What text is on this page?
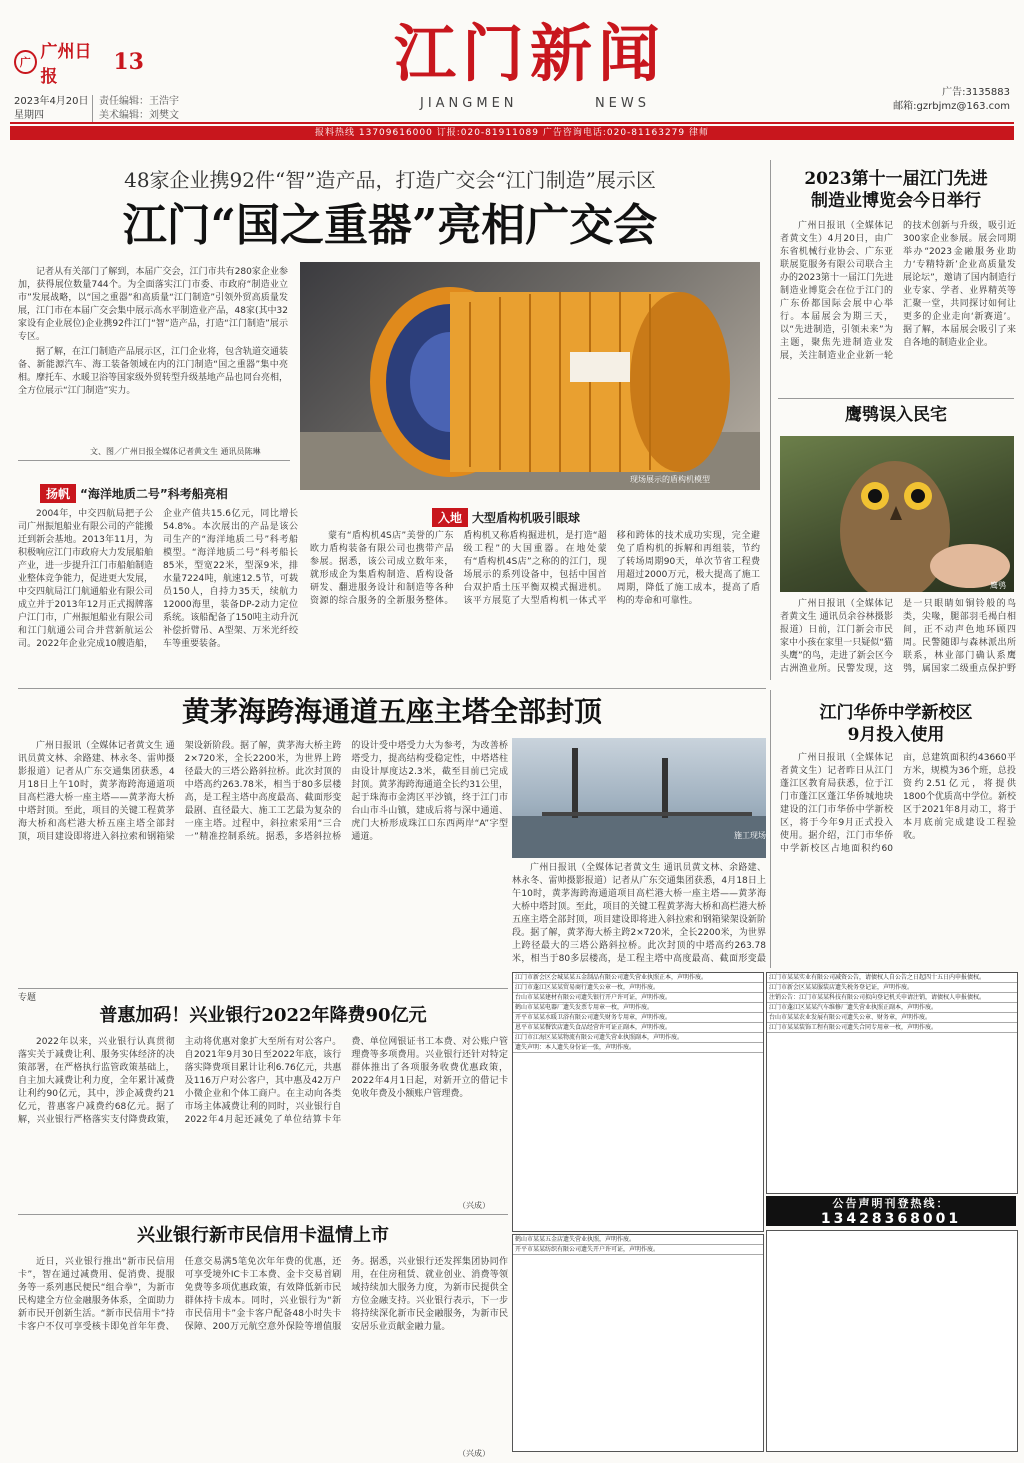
广
广州日报
13	江门新闻
JIANGMEN	NEWS
2023年4月20日
星期四
责任编辑：王浩宇
美术编辑：刘樊文
广告:3135883
邮箱:gzrbjmz@163.com
报料热线 13709616000 订报:020-81911089 广告咨询电话:020-81163279 律师
48家企业携92件“智”造产品，打造广交会“江门制造”展示区
江门“国之重器”亮相广交会

记者从有关部门了解到，本届广交会，江门市共有280家企业参加，获得展位数量744个。为全面落实江门市委、市政府“制造业立市”发展战略，以“国之重器”和高质量“江门制造”引领外贸高质量发展，江门市在本届广交会集中展示高水平制造业产品，48家(其中32家设有企业展位)企业携92件江门“智”造产品，打造“江门制造”展示专区。

据了解，在江门制造产品展示区，江门企业将，包含轨道交通装备、新能源汽车、海工装备领域在内的江门制造“国之重器”集中亮相。摩托车、水暖卫浴等国家级外贸转型升级基地产品也同台亮相，全方位展示“江门制造”实力。

文、图／广州日报全媒体记者黄文生 通讯员陈琳
现场展示的盾构机模型
扬帆 “海洋地质二号”科考船亮相

2004年，中交四航局把子公司广州振旭船业有限公司的产能搬迁到新会基地。2013年11月，为积极响应江门市政府大力发展船舶产业，进一步提升江门市船舶制造业整体竞争能力，促进更大发展，中交四航局江门航通船业有限公司成立并于2013年12月正式揭牌落户江门市，广州振旭船业有限公司和江门航通公司合并营新航运公司。2022年企业完成10艘造船，企业产值共15.6亿元，同比增长54.8%。本次展出的产品是该公司生产的“海洋地质二号”科考船模型。“海洋地质二号”科考船长85米，型宽22米，型深9米，排水量7224吨，航速12.5节，可载员150人，自持力35天，续航力12000海里，装备DP-2动力定位系统。该船配备了150吨主动升沉补偿折臂吊、A型架、万米光纤绞车等重要装备。

入地 大型盾构机吸引眼球

蒙有“盾构机4S店”美誉的广东欧力盾构装备有限公司也携带产品参展。据悉，该公司成立数年来，就形成企为集盾构制造、盾构设备研发、翻进服务设计和制造等各种资源的综合服务的全新服务整体。盾构机又称盾构掘进机，是打造“超级工程”的大国重器。在地处蒙有“盾构机4S店”之称的的江门，现场展示的系列设备中，包括中国首台双护盾土压平衡双模式掘进机。该平方展览了大型盾构机一体式平移和跨体的技术成功实现，完全避免了盾构机的拆解和再组装，节约了转场周期90天，单次节省工程费用超过2000万元，极大提高了施工周期，降低了施工成本，提高了盾构的寿命和可靠性。

2023第十一届江门先进
制造业博览会今日举行

广州日报讯（全媒体记者黄文生）4月20日，由广东省机械行业协会、广东亚联展览服务有限公司联合主办的2023第十一届江门先进制造业博览会在位于江门的广东侨都国际会展中心举行。本届展会为期三天，以“先进制造，引领未来”为主题，聚焦先进制造业发展，关注制造业企业新一轮的技术创新与升级，吸引近300家企业参展。展会同期举办“2023金融服务业助力‘专精特新’企业高质量发展论坛”，邀请了国内制造行业专家、学者、业界精英等汇聚一堂，共同探讨如何让更多的企业走向‘新赛道’。据了解，本届展会吸引了来自各地的制造业企业。

鹰鸮误入民宅
鹰鸮

广州日报讯（全媒体记者黄文生 通讯员余谷林摄影报道）日前，江门新会市民家中小孩在家里一只疑似“猫头鹰”的鸟，走进了新会区今古洲渔业所。民警发现，这是一只眼睛如铜铃般的鸟类，尖喙，腿部羽毛褐白相间，正不动声色地环顾四周。民警随即与森林派出所联系，林业部门确认系鹰鸮，属国家二级重点保护野

黄茅海跨海通道五座主塔全部封顶
施工现场

广州日报讯（全媒体记者黄文生 通讯员黄文林、余路建、林永冬、雷帅摄影报道）记者从广东交通集团获悉，4月18日上午10时，黄茅海跨海通道项目高栏港大桥一座主塔——黄茅海大桥中塔封顶。至此，项目的关键工程黄茅海大桥和高栏港大桥五座主塔全部封顶，项目建设即将进入斜拉索和钢箱梁架设新阶段。据了解，黄茅海大桥主跨2×720米，全长2200米，为世界上跨径最大的三塔公路斜拉桥。此次封顶的中塔高约263.78米，相当于80多层楼高，是工程主塔中高度最高、截面形变最剧、直径最大、施工工艺最为复杂的一座主塔。过程中，斜拉索采用“三合一”精准控制系统。据悉，多塔斜拉桥的设计受中塔受力大为参考，为改善桥塔受力，提高结构受稳定性，中塔塔柱由设计厚度达2.3米，截至目前已完成封顶。黄茅海跨海通道全长约31公里，起于珠海市金湾区平沙镇，终于江门市台山市斗山镇，建成后将与深中通道、虎门大桥形成珠江口东西两岸“A”字型通道。

广州日报讯（全媒体记者黄文生 通讯员黄文林、余路建、林永冬、雷帅摄影报道）记者从广东交通集团获悉，4月18日上午10时，黄茅海跨海通道项目高栏港大桥一座主塔——黄茅海大桥中塔封顶。至此，项目的关键工程黄茅海大桥和高栏港大桥五座主塔全部封顶，项目建设即将进入斜拉索和钢箱梁架设新阶段。据了解，黄茅海大桥主跨2×720米，全长2200米，为世界上跨径最大的三塔公路斜拉桥。此次封顶的中塔高约263.78米，相当于80多层楼高，是工程主塔中高度最高、截面形变最

江门华侨中学新校区
9月投入使用

广州日报讯（全媒体记者黄文生）记者昨日从江门蓬江区教育局获悉，位于江门市蓬江区蓬江华侨城地块建设的江门市华侨中学新校区，将于今年9月正式投入使用。据介绍，江门市华侨中学新校区占地面积约60亩，总建筑面积约43660平方米，规模为36个班，总投资约2.51亿元，将提供1800个优质高中学位。新校区于2021年8月动工，将于本月底前完成建设工程验收。

专题
普惠加码！兴业银行2022年降费90亿元

2022年以来，兴业银行认真贯彻落实关于减费让利、服务实体经济的决策部署，在严格执行监管政策基础上，自主加大减费让利力度，全年累计减费让利约90亿元，其中，涉企减费约21亿元，普惠客户减费约68亿元。据了解，兴业银行严格落实支付降费政策，主动将优惠对象扩大至所有对公客户。自2021年9月30日至2022年底，该行落实降费项目累计让利6.76亿元，共惠及116万户对公客户，其中惠及42万户小微企业和个体工商户。在主动向各类市场主体减费让利的同时，兴业银行自2022年4月起还减免了单位结算卡年费、单位网银证书工本费、对公账户管理费等多项费用。兴业银行还针对特定群体推出了各项服务收费优惠政策，2022年4月1日起，对新开立的借记卡免收年费及小额账户管理费。

（兴成）
兴业银行新市民信用卡温情上市

近日，兴业银行推出“新市民信用卡”，智在通过减费用、促消费、提服务等一系列惠民便民“组合拳”，为新市民构建全方位金融服务体系，全面助力新市民开创新生活。“新市民信用卡”持卡客户不仅可享受核卡即免首年年费、任意交易满5笔免次年年费的优惠，还可享受境外IC卡工本费、金卡交易首刷免费等多项优惠政策，有效降低新市民群体持卡成本。同时，兴业银行为“新市民信用卡”金卡客户配备48小时失卡保障、200万元航空意外保险等增值服务。据悉，兴业银行还发挥集团协同作用，在住房租赁、就业创业、消费等领域持续加大服务力度，为新市民提供全方位金融支持。兴业银行表示，下一步将持续深化新市民金融服务，为新市民安居乐业贡献金融力量。

（兴成）
江门市新会区会城某某五金制品有限公司遗失营业执照正本，声明作废。
江门市蓬江区某某贸易商行遗失公章一枚，声明作废。
台山市某某建材有限公司遗失银行开户许可证，声明作废。
鹤山市某某电器厂遗失发票专用章一枚，声明作废。
开平市某某水暖卫浴有限公司遗失财务专用章，声明作废。
恩平市某某餐饮店遗失食品经营许可证正副本，声明作废。
江门市江海区某某物流有限公司遗失营业执照副本，声明作废。
遗失声明：本人遗失身份证一张，声明作废。
江门市某某实业有限公司减资公告，请债权人自公告之日起四十五日内申报债权。
江门市新会区某某服装店遗失税务登记证，声明作废。
注销公告：江门市某某科技有限公司拟向登记机关申请注销，请债权人申报债权。
江门市蓬江区某某汽车维修厂遗失营业执照正副本，声明作废。
台山市某某农业发展有限公司遗失公章、财务章，声明作废。
江门市某某装饰工程有限公司遗失合同专用章一枚，声明作废。
公告声明刊登热线：
13428368001
鹤山市某某五金店遗失营业执照，声明作废。
开平市某某纺织有限公司遗失开户许可证，声明作废。
